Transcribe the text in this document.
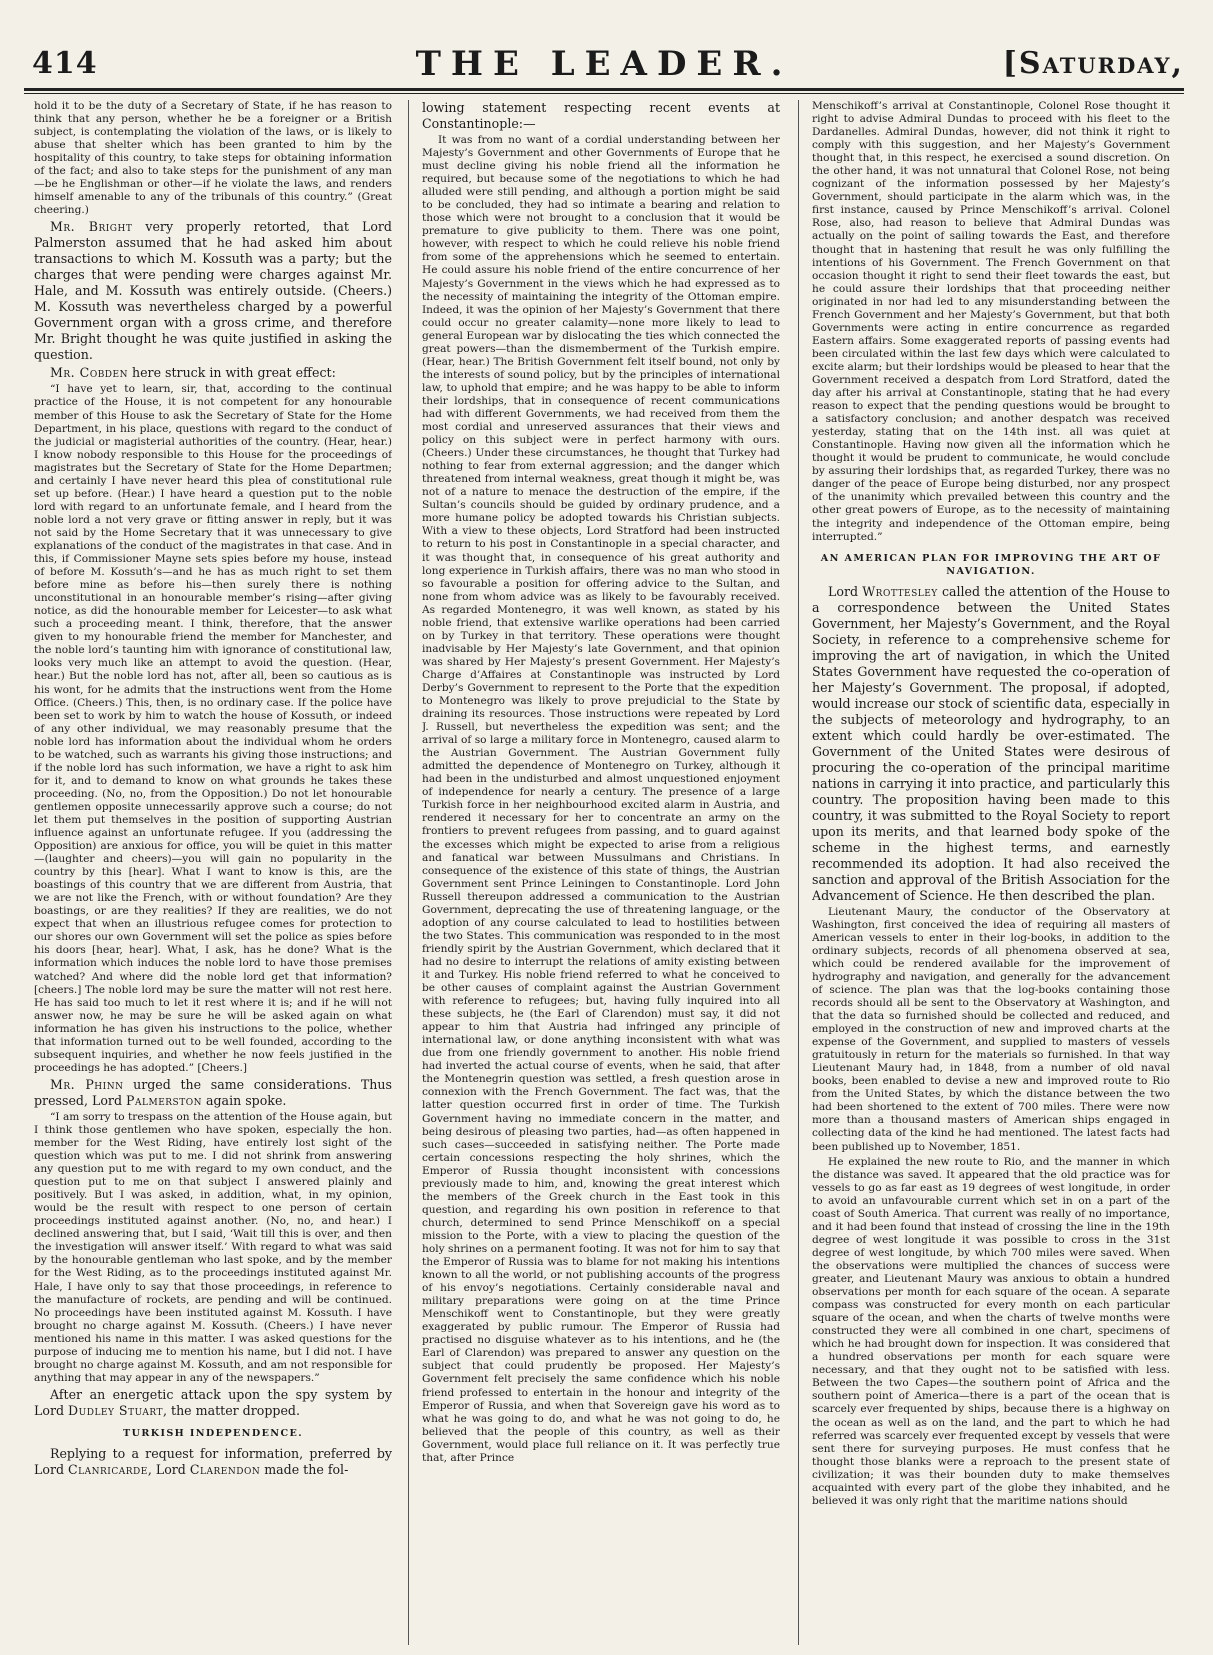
414	THE LEADER.	[Saturday,

hold it to be the duty of a Secretary of State, if he has reason to think that any person, whether he be a foreigner or a British subject, is contemplating the violation of the laws, or is likely to abuse that shelter which has been granted to him by the hospitality of this country, to take steps for obtaining information of the fact; and also to take steps for the punishment of any man—be he Englishman or other—if he violate the laws, and renders himself amenable to any of the tribunals of this country.” (Great cheering.)

Mr. Bright very properly retorted, that Lord Palmerston assumed that he had asked him about transactions to which M. Kossuth was a party; but the charges that were pending were charges against Mr. Hale, and M. Kossuth was entirely outside. (Cheers.) M. Kossuth was nevertheless charged by a powerful Government organ with a gross crime, and therefore Mr. Bright thought he was quite justified in asking the question.

Mr. Cobden here struck in with great effect:

“I have yet to learn, sir, that, according to the continual practice of the House, it is not competent for any honourable member of this House to ask the Secretary of State for the Home Department, in his place, questions with regard to the conduct of the judicial or magisterial authorities of the country. (Hear, hear.) I know nobody responsible to this House for the proceedings of magistrates but the Secretary of State for the Home Departmen; and certainly I have never heard this plea of constitutional rule set up before. (Hear.) I have heard a question put to the noble lord with regard to an unfortunate female, and I heard from the noble lord a not very grave or fitting answer in reply, but it was not said by the Home Secretary that it was unnecessary to give explanations of the conduct of the magistrates in that case. And in this, if Commissioner Mayne sets spies before my house, instead of before M. Kossuth’s—and he has as much right to set them before mine as before his—then surely there is nothing unconstitutional in an honourable member’s rising—after giving notice, as did the honourable member for Leicester—to ask what such a proceeding meant. I think, therefore, that the answer given to my honourable friend the member for Manchester, and the noble lord’s taunting him with ignorance of constitutional law, looks very much like an attempt to avoid the question. (Hear, hear.) But the noble lord has not, after all, been so cautious as is his wont, for he admits that the instructions went from the Home Office. (Cheers.) This, then, is no ordinary case. If the police have been set to work by him to watch the house of Kossuth, or indeed of any other individual, we may reasonably presume that the noble lord has information about the individual whom he orders to be watched, such as warrants his giving those instructions; and if the noble lord has such information, we have a right to ask him for it, and to demand to know on what grounds he takes these proceeding. (No, no, from the Opposition.) Do not let honourable gentlemen opposite unnecessarily approve such a course; do not let them put themselves in the position of supporting Austrian influence against an unfortunate refugee. If you (addressing the Opposition) are anxious for office, you will be quiet in this matter—(laughter and cheers)—you will gain no popularity in the country by this [hear]. What I want to know is this, are the boastings of this country that we are different from Austria, that we are not like the French, with or without foundation? Are they boastings, or are they realities? If they are realities, we do not expect that when an illustrious refugee comes for protection to our shores our own Government will set the police as spies before his doors [hear, hear]. What, I ask, has he done? What is the information which induces the noble lord to have those premises watched? And where did the noble lord get that information? [cheers.] The noble lord may be sure the matter will not rest here. He has said too much to let it rest where it is; and if he will not answer now, he may be sure he will be asked again on what information he has given his instructions to the police, whether that information turned out to be well founded, according to the subsequent inquiries, and whether he now feels justified in the proceedings he has adopted.” [Cheers.]

Mr. Phinn urged the same considerations. Thus pressed, Lord Palmerston again spoke.

“I am sorry to trespass on the attention of the House again, but I think those gentlemen who have spoken, especially the hon. member for the West Riding, have entirely lost sight of the question which was put to me. I did not shrink from answering any question put to me with regard to my own conduct, and the question put to me on that subject I answered plainly and positively. But I was asked, in addition, what, in my opinion, would be the result with respect to one person of certain proceedings instituted against another. (No, no, and hear.) I declined answering that, but I said, ‘Wait till this is over, and then the investigation will answer itself.’ With regard to what was said by the honourable gentleman who last spoke, and by the member for the West Riding, as to the proceedings instituted against Mr. Hale, I have only to say that those proceedings, in reference to the manufacture of rockets, are pending and will be continued. No proceedings have been instituted against M. Kossuth. I have brought no charge against M. Kossuth. (Cheers.) I have never mentioned his name in this matter. I was asked questions for the purpose of inducing me to mention his name, but I did not. I have brought no charge against M. Kossuth, and am not responsible for anything that may appear in any of the newspapers.”

After an energetic attack upon the spy system by Lord Dudley Stuart, the matter dropped.

TURKISH INDEPENDENCE.

Replying to a request for information, preferred by Lord Clanricarde, Lord Clarendon made the fol-

lowing statement respecting recent events at Constantinople:—

It was from no want of a cordial understanding between her Majesty’s Government and other Governments of Europe that he must decline giving his noble friend all the information he required, but because some of the negotiations to which he had alluded were still pending, and although a portion might be said to be concluded, they had so intimate a bearing and relation to those which were not brought to a conclusion that it would be premature to give publicity to them. There was one point, however, with respect to which he could relieve his noble friend from some of the apprehensions which he seemed to entertain. He could assure his noble friend of the entire concurrence of her Majesty’s Government in the views which he had expressed as to the necessity of maintaining the integrity of the Ottoman empire. Indeed, it was the opinion of her Majesty’s Government that there could occur no greater calamity—none more likely to lead to general European war by dislocating the ties which connected the great powers—than the dismemberment of the Turkish empire. (Hear, hear.) The British Government felt itself bound, not only by the interests of sound policy, but by the principles of international law, to uphold that empire; and he was happy to be able to inform their lordships, that in consequence of recent communications had with different Governments, we had received from them the most cordial and unreserved assurances that their views and policy on this subject were in perfect harmony with ours. (Cheers.) Under these circumstances, he thought that Turkey had nothing to fear from external aggression; and the danger which threatened from internal weakness, great though it might be, was not of a nature to menace the destruction of the empire, if the Sultan’s councils should be guided by ordinary prudence, and a more humane policy be adopted towards his Christian subjects. With a view to these objects, Lord Stratford had been instructed to return to his post in Constantinople in a special character, and it was thought that, in consequence of his great authority and long experience in Turkish affairs, there was no man who stood in so favourable a position for offering advice to the Sultan, and none from whom advice was as likely to be favourably received. As regarded Montenegro, it was well known, as stated by his noble friend, that extensive warlike operations had been carried on by Turkey in that territory. These operations were thought inadvisable by Her Majesty’s late Government, and that opinion was shared by Her Majesty’s present Government. Her Majesty’s Charge d’Affaires at Constantinople was instructed by Lord Derby’s Government to represent to the Porte that the expedition to Montenegro was likely to prove prejudicial to the State by draining its resources. Those instructions were repeated by Lord J. Russell, but nevertheless the expedition was sent; and the arrival of so large a military force in Montenegro, caused alarm to the Austrian Government. The Austrian Government fully admitted the dependence of Montenegro on Turkey, although it had been in the undisturbed and almost unquestioned enjoyment of independence for nearly a century. The presence of a large Turkish force in her neighbourhood excited alarm in Austria, and rendered it necessary for her to concentrate an army on the frontiers to prevent refugees from passing, and to guard against the excesses which might be expected to arise from a religious and fanatical war between Mussulmans and Christians. In consequence of the existence of this state of things, the Austrian Government sent Prince Leiningen to Constantinople. Lord John Russell thereupon addressed a communication to the Austrian Government, deprecating the use of threatening language, or the adoption of any course calculated to lead to hostilities between the two States. This communication was responded to in the most friendly spirit by the Austrian Government, which declared that it had no desire to interrupt the relations of amity existing between it and Turkey. His noble friend referred to what he conceived to be other causes of complaint against the Austrian Government with reference to refugees; but, having fully inquired into all these subjects, he (the Earl of Clarendon) must say, it did not appear to him that Austria had infringed any principle of international law, or done anything inconsistent with what was due from one friendly government to another. His noble friend had inverted the actual course of events, when he said, that after the Montenegrin question was settled, a fresh question arose in connexion with the French Government. The fact was, that the latter question occurred first in order of time. The Turkish Government having no immediate concern in the matter, and being desirous of pleasing two parties, had—as often happened in such cases—succeeded in satisfying neither. The Porte made certain concessions respecting the holy shrines, which the Emperor of Russia thought inconsistent with concessions previously made to him, and, knowing the great interest which the members of the Greek church in the East took in this question, and regarding his own position in reference to that church, determined to send Prince Menschikoff on a special mission to the Porte, with a view to placing the question of the holy shrines on a permanent footing. It was not for him to say that the Emperor of Russia was to blame for not making his intentions known to all the world, or not publishing accounts of the progress of his envoy’s negotiations. Certainly considerable naval and military preparations were going on at the time Prince Menschikoff went to Constantinople, but they were greatly exaggerated by public rumour. The Emperor of Russia had practised no disguise whatever as to his intentions, and he (the Earl of Clarendon) was prepared to answer any question on the subject that could prudently be proposed. Her Majesty’s Government felt precisely the same confidence which his noble friend professed to entertain in the honour and integrity of the Emperor of Russia, and when that Sovereign gave his word as to what he was going to do, and what he was not going to do, he believed that the people of this country, as well as their Government, would place full reliance on it. It was perfectly true that, after Prince

Menschikoff’s arrival at Constantinople, Colonel Rose thought it right to advise Admiral Dundas to proceed with his fleet to the Dardanelles. Admiral Dundas, however, did not think it right to comply with this suggestion, and her Majesty’s Government thought that, in this respect, he exercised a sound discretion. On the other hand, it was not unnatural that Colonel Rose, not being cognizant of the information possessed by her Majesty’s Government, should participate in the alarm which was, in the first instance, caused by Prince Menschikoff’s arrival. Colonel Rose, also, had reason to believe that Admiral Dundas was actually on the point of sailing towards the East, and therefore thought that in hastening that result he was only fulfilling the intentions of his Government. The French Government on that occasion thought it right to send their fleet towards the east, but he could assure their lordships that that proceeding neither originated in nor had led to any misunderstanding between the French Government and her Majesty’s Government, but that both Governments were acting in entire concurrence as regarded Eastern affairs. Some exaggerated reports of passing events had been circulated within the last few days which were calculated to excite alarm; but their lordships would be pleased to hear that the Government received a despatch from Lord Stratford, dated the day after his arrival at Constantinople, stating that he had every reason to expect that the pending questions would be brought to a satisfactory conclusion; and another despatch was received yesterday, stating that on the 14th inst. all was quiet at Constantinople. Having now given all the information which he thought it would be prudent to communicate, he would conclude by assuring their lordships that, as regarded Turkey, there was no danger of the peace of Europe being disturbed, nor any prospect of the unanimity which prevailed between this country and the other great powers of Europe, as to the necessity of maintaining the integrity and independence of the Ottoman empire, being interrupted.”

AN AMERICAN PLAN FOR IMPROVING THE ART OF NAVIGATION.

Lord Wrottesley called the attention of the House to a correspondence between the United States Government, her Majesty’s Government, and the Royal Society, in reference to a comprehensive scheme for improving the art of navigation, in which the United States Government have requested the co-operation of her Majesty’s Government. The proposal, if adopted, would increase our stock of scientific data, especially in the subjects of meteorology and hydrography, to an extent which could hardly be over-estimated. The Government of the United States were desirous of procuring the co-operation of the principal maritime nations in carrying it into practice, and particularly this country. The proposition having been made to this country, it was submitted to the Royal Society to report upon its merits, and that learned body spoke of the scheme in the highest terms, and earnestly recommended its adoption. It had also received the sanction and approval of the British Association for the Advancement of Science. He then described the plan.

Lieutenant Maury, the conductor of the Observatory at Washington, first conceived the idea of requiring all masters of American vessels to enter in their log-books, in addition to the ordinary subjects, records of all phenomena observed at sea, which could be rendered available for the improvement of hydrography and navigation, and generally for the advancement of science. The plan was that the log-books containing those records should all be sent to the Observatory at Washington, and that the data so furnished should be collected and reduced, and employed in the construction of new and improved charts at the expense of the Government, and supplied to masters of vessels gratuitously in return for the materials so furnished. In that way Lieutenant Maury had, in 1848, from a number of old naval books, been enabled to devise a new and improved route to Rio from the United States, by which the distance between the two had been shortened to the extent of 700 miles. There were now more than a thousand masters of American ships engaged in collecting data of the kind he had mentioned. The latest facts had been published up to November, 1851.

He explained the new route to Rio, and the manner in which the distance was saved. It appeared that the old practice was for vessels to go as far east as 19 degrees of west longitude, in order to avoid an unfavourable current which set in on a part of the coast of South America. That current was really of no importance, and it had been found that instead of crossing the line in the 19th degree of west longitude it was possible to cross in the 31st degree of west longitude, by which 700 miles were saved. When the observations were multiplied the chances of success were greater, and Lieutenant Maury was anxious to obtain a hundred observations per month for each square of the ocean. A separate compass was constructed for every month on each particular square of the ocean, and when the charts of twelve months were constructed they were all combined in one chart, specimens of which he had brought down for inspection. It was considered that a hundred observations per month for each square were necessary, and that they ought not to be satisfied with less. Between the two Capes—the southern point of Africa and the southern point of America—there is a part of the ocean that is scarcely ever frequented by ships, because there is a highway on the ocean as well as on the land, and the part to which he had referred was scarcely ever frequented except by vessels that were sent there for surveying purposes. He must confess that he thought those blanks were a reproach to the present state of civilization; it was their bounden duty to make themselves acquainted with every part of the globe they inhabited, and he believed it was only right that the maritime nations should
